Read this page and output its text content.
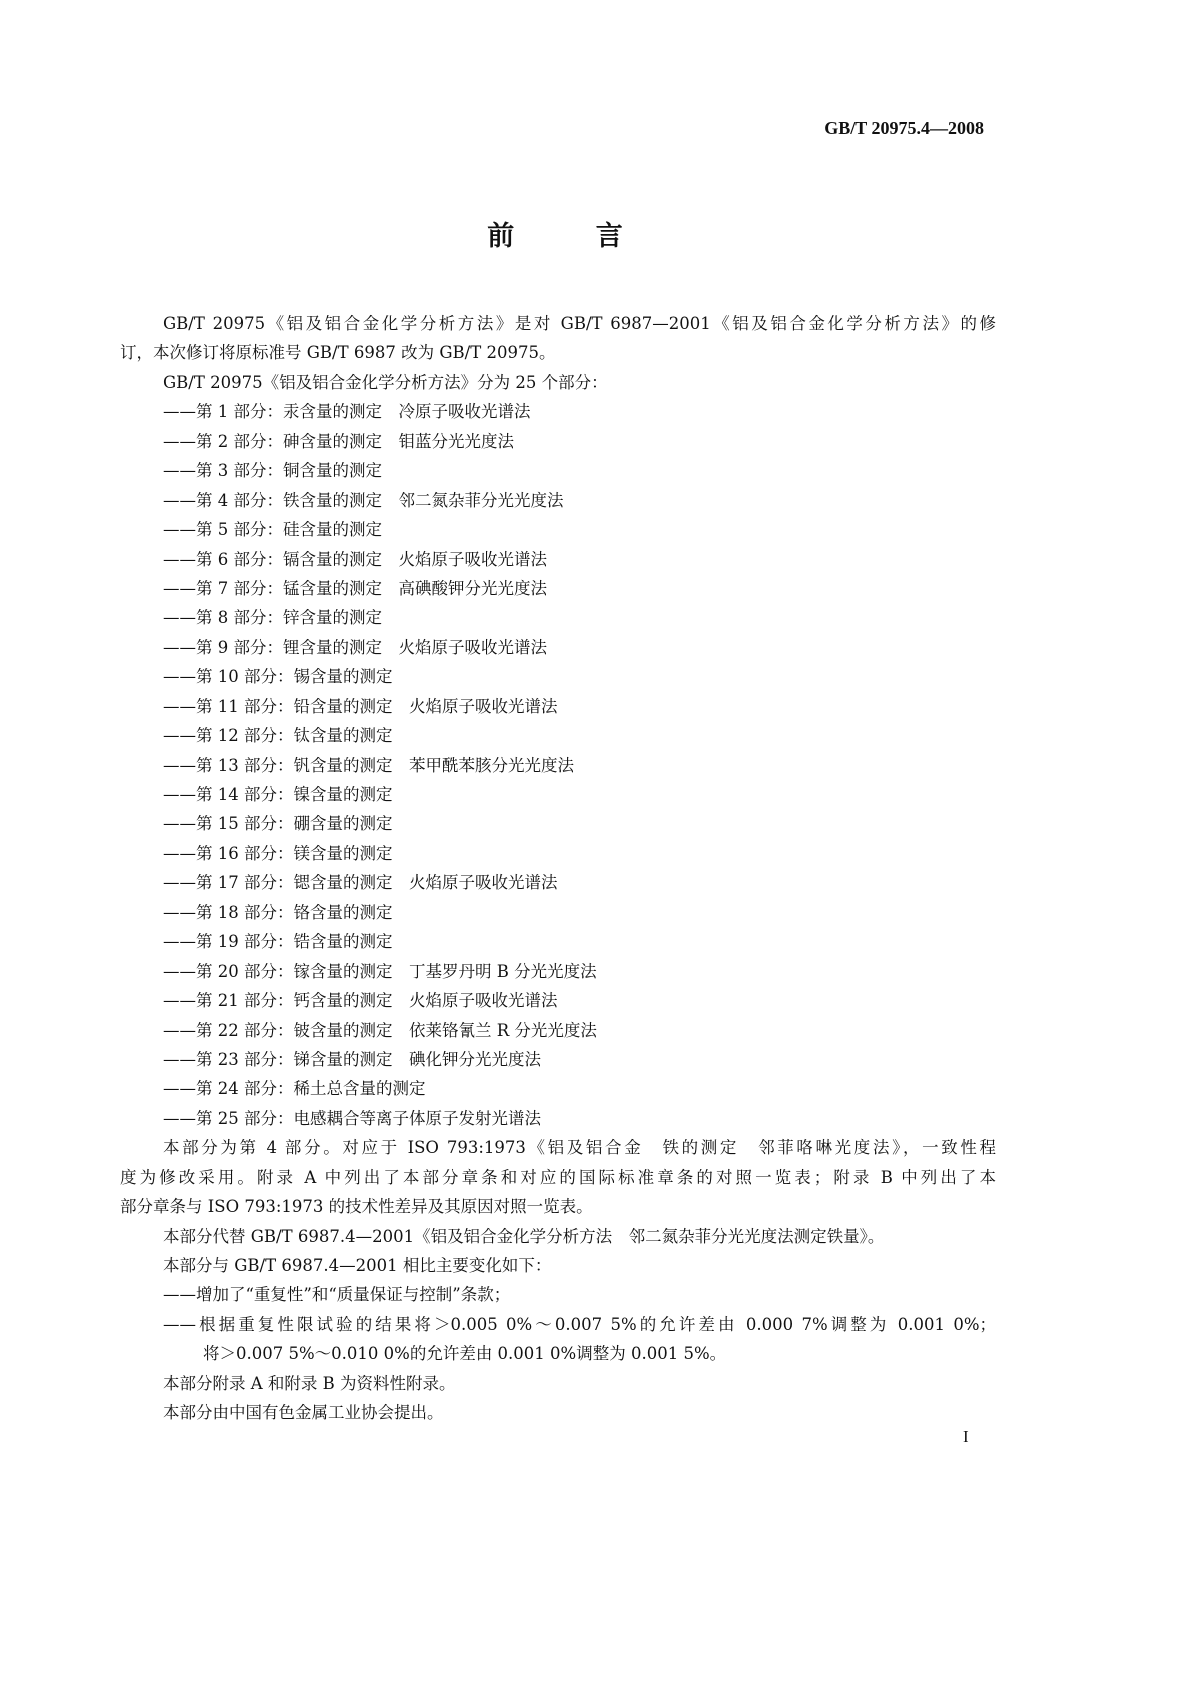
GB/T 20975.4—2008
前 言
GB/T 20975《铝及铝合金化学分析方法》是对 GB/T 6987—2001《铝及铝合金化学分析方法》的修
订，本次修订将原标准号 GB/T 6987 改为 GB/T 20975。
GB/T 20975《铝及铝合金化学分析方法》分为 25 个部分：
——第 1 部分：汞含量的测定　冷原子吸收光谱法
——第 2 部分：砷含量的测定　钼蓝分光光度法
——第 3 部分：铜含量的测定
——第 4 部分：铁含量的测定　邻二氮杂菲分光光度法
——第 5 部分：硅含量的测定
——第 6 部分：镉含量的测定　火焰原子吸收光谱法
——第 7 部分：锰含量的测定　高碘酸钾分光光度法
——第 8 部分：锌含量的测定
——第 9 部分：锂含量的测定　火焰原子吸收光谱法
——第 10 部分：锡含量的测定
——第 11 部分：铅含量的测定　火焰原子吸收光谱法
——第 12 部分：钛含量的测定
——第 13 部分：钒含量的测定　苯甲酰苯胲分光光度法
——第 14 部分：镍含量的测定
——第 15 部分：硼含量的测定
——第 16 部分：镁含量的测定
——第 17 部分：锶含量的测定　火焰原子吸收光谱法
——第 18 部分：铬含量的测定
——第 19 部分：锆含量的测定
——第 20 部分：镓含量的测定　丁基罗丹明 B 分光光度法
——第 21 部分：钙含量的测定　火焰原子吸收光谱法
——第 22 部分：铍含量的测定　依莱铬氰兰 R 分光光度法
——第 23 部分：锑含量的测定　碘化钾分光光度法
——第 24 部分：稀土总含量的测定
——第 25 部分：电感耦合等离子体原子发射光谱法
本部分为第 4 部分。对应于 ISO 793:1973《铝及铝合金　铁的测定　邻菲咯啉光度法》，一致性程
度为修改采用。附录 A 中列出了本部分章条和对应的国际标准章条的对照一览表；附录 B 中列出了本
部分章条与 ISO 793:1973 的技术性差异及其原因对照一览表。
本部分代替 GB/T 6987.4—2001《铝及铝合金化学分析方法　邻二氮杂菲分光光度法测定铁量》。
本部分与 GB/T 6987.4—2001 相比主要变化如下：
——增加了“重复性”和“质量保证与控制”条款；
——根据重复性限试验的结果将＞0.005 0%～0.007 5%的允许差由 0.000 7%调整为 0.001 0%；
将＞0.007 5%～0.010 0%的允许差由 0.001 0%调整为 0.001 5%。
本部分附录 A 和附录 B 为资料性附录。
本部分由中国有色金属工业协会提出。
I
